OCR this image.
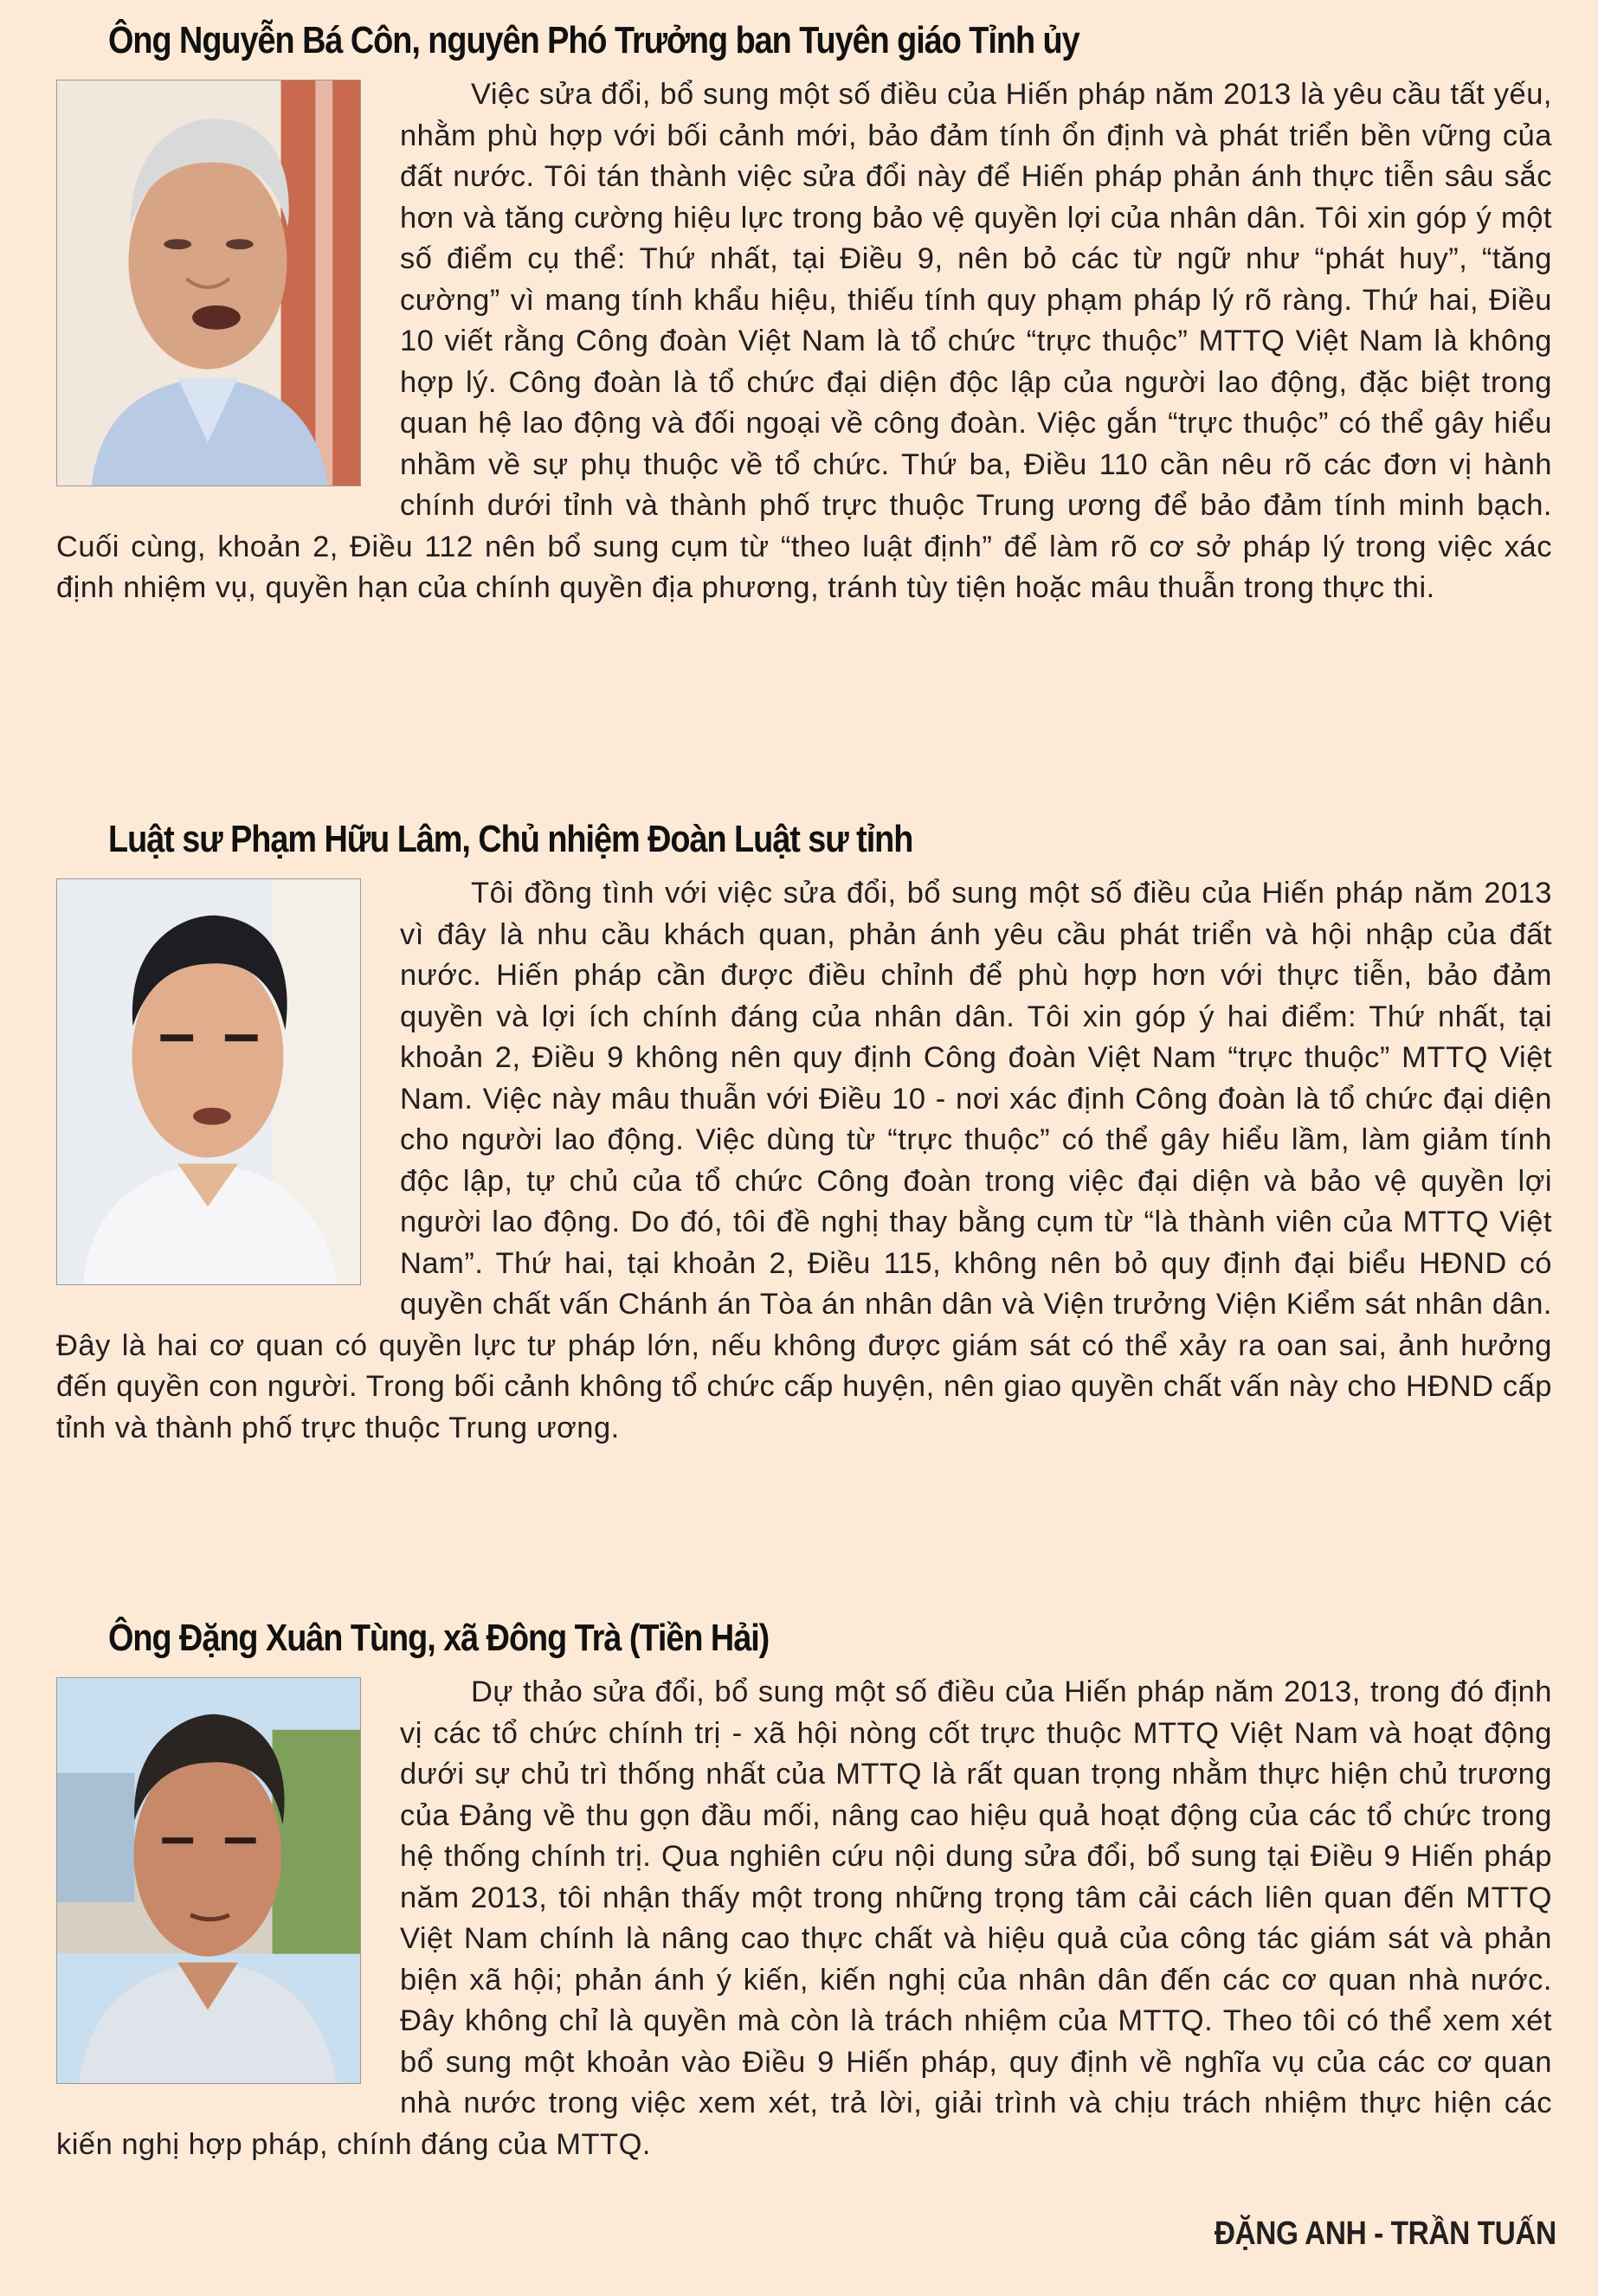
Ông Nguyễn Bá Côn, nguyên Phó Trưởng ban Tuyên giáo Tỉnh ủy
Việc sửa đổi, bổ sung một số điều của Hiến pháp năm 2013 là yêu cầu tất yếu, nhằm phù hợp với bối cảnh mới, bảo đảm tính ổn định và phát triển bền vững của đất nước. Tôi tán thành việc sửa đổi này để Hiến pháp phản ánh thực tiễn sâu sắc hơn và tăng cường hiệu lực trong bảo vệ quyền lợi của nhân dân. Tôi xin góp ý một số điểm cụ thể: Thứ nhất, tại Điều 9, nên bỏ các từ ngữ như “phát huy”, “tăng cường” vì mang tính khẩu hiệu, thiếu tính quy phạm pháp lý rõ ràng. Thứ hai, Điều 10 viết rằng Công đoàn Việt Nam là tổ chức “trực thuộc” MTTQ Việt Nam là không hợp lý. Công đoàn là tổ chức đại diện độc lập của người lao động, đặc biệt trong quan hệ lao động và đối ngoại về công đoàn. Việc gắn “trực thuộc” có thể gây hiểu nhầm về sự phụ thuộc về tổ chức. Thứ ba, Điều 110 cần nêu rõ các đơn vị hành chính dưới tỉnh và thành phố trực thuộc Trung ương để bảo đảm tính minh bạch. Cuối cùng, khoản 2, Điều 112 nên bổ sung cụm từ “theo luật định” để làm rõ cơ sở pháp lý trong việc xác định nhiệm vụ, quyền hạn của chính quyền địa phương, tránh tùy tiện hoặc mâu thuẫn trong thực thi.
Luật sư Phạm Hữu Lâm, Chủ nhiệm Đoàn Luật sư tỉnh
Tôi đồng tình với việc sửa đổi, bổ sung một số điều của Hiến pháp năm 2013 vì đây là nhu cầu khách quan, phản ánh yêu cầu phát triển và hội nhập của đất nước. Hiến pháp cần được điều chỉnh để phù hợp hơn với thực tiễn, bảo đảm quyền và lợi ích chính đáng của nhân dân. Tôi xin góp ý hai điểm: Thứ nhất, tại khoản 2, Điều 9 không nên quy định Công đoàn Việt Nam “trực thuộc” MTTQ Việt Nam. Việc này mâu thuẫn với Điều 10 - nơi xác định Công đoàn là tổ chức đại diện cho người lao động. Việc dùng từ “trực thuộc” có thể gây hiểu lầm, làm giảm tính độc lập, tự chủ của tổ chức Công đoàn trong việc đại diện và bảo vệ quyền lợi người lao động. Do đó, tôi đề nghị thay bằng cụm từ “là thành viên của MTTQ Việt Nam”. Thứ hai, tại khoản 2, Điều 115, không nên bỏ quy định đại biểu HĐND có quyền chất vấn Chánh án Tòa án nhân dân và Viện trưởng Viện Kiểm sát nhân dân. Đây là hai cơ quan có quyền lực tư pháp lớn, nếu không được giám sát có thể xảy ra oan sai, ảnh hưởng đến quyền con người. Trong bối cảnh không tổ chức cấp huyện, nên giao quyền chất vấn này cho HĐND cấp tỉnh và thành phố trực thuộc Trung ương.
Ông Đặng Xuân Tùng, xã Đông Trà (Tiền Hải)
Dự thảo sửa đổi, bổ sung một số điều của Hiến pháp năm 2013, trong đó định vị các tổ chức chính trị - xã hội nòng cốt trực thuộc MTTQ Việt Nam và hoạt động dưới sự chủ trì thống nhất của MTTQ là rất quan trọng nhằm thực hiện chủ trương của Đảng về thu gọn đầu mối, nâng cao hiệu quả hoạt động của các tổ chức trong hệ thống chính trị. Qua nghiên cứu nội dung sửa đổi, bổ sung tại Điều 9 Hiến pháp năm 2013, tôi nhận thấy một trong những trọng tâm cải cách liên quan đến MTTQ Việt Nam chính là nâng cao thực chất và hiệu quả của công tác giám sát và phản biện xã hội; phản ánh ý kiến, kiến nghị của nhân dân đến các cơ quan nhà nước. Đây không chỉ là quyền mà còn là trách nhiệm của MTTQ. Theo tôi có thể xem xét bổ sung một khoản vào Điều 9 Hiến pháp, quy định về nghĩa vụ của các cơ quan nhà nước trong việc xem xét, trả lời, giải trình và chịu trách nhiệm thực hiện các kiến nghị hợp pháp, chính đáng của MTTQ.
ĐẶNG ANH - TRẦN TUẤN
